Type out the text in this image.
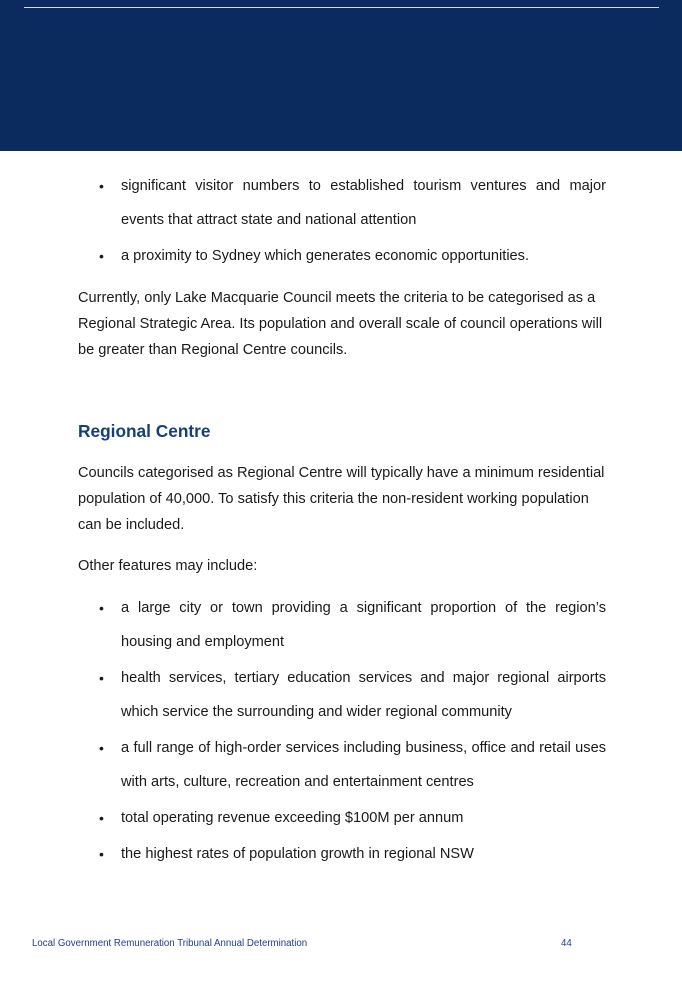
• significant visitor numbers to established tourism ventures and major events that attract state and national attention
• a proximity to Sydney which generates economic opportunities.

Currently, only Lake Macquarie Council meets the criteria to be categorised as a Regional Strategic Area. Its population and overall scale of council operations will be greater than Regional Centre councils.

Regional Centre

Councils categorised as Regional Centre will typically have a minimum residential population of 40,000. To satisfy this criteria the non-resident working population can be included.

Other features may include:

• a large city or town providing a significant proportion of the region’s housing and employment
• health services, tertiary education services and major regional airports which service the surrounding and wider regional community
• a full range of high-order services including business, office and retail uses with arts, culture, recreation and entertainment centres
• total operating revenue exceeding $100M per annum
• the highest rates of population growth in regional NSW
Local Government Remuneration Tribunal Annual Determination	44
